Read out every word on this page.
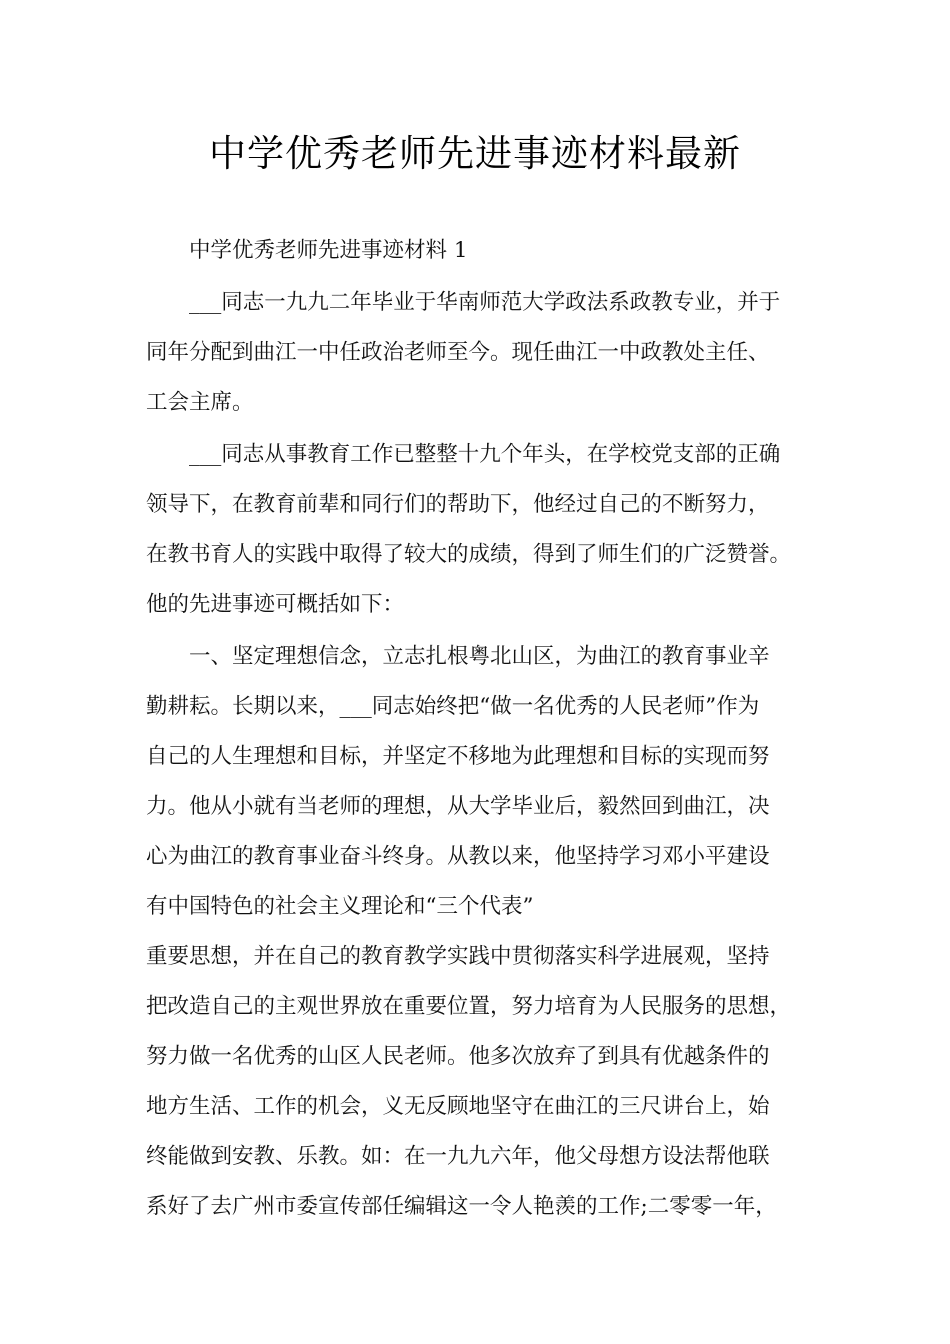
中学优秀老师先进事迹材料最新
中学优秀老师先进事迹材料 1
___同志一九九二年毕业于华南师范大学政法系政教专业，并于
同年分配到曲江一中任政治老师至今。现任曲江一中政教处主任、
工会主席。
___同志从事教育工作已整整十九个年头，在学校党支部的正确
领导下，在教育前辈和同行们的帮助下，他经过自己的不断努力，
在教书育人的实践中取得了较大的成绩，得到了师生们的广泛赞誉。
他的先进事迹可概括如下：
一、坚定理想信念，立志扎根粤北山区，为曲江的教育事业辛
勤耕耘。长期以来，___同志始终把“做一名优秀的人民老师”作为
自己的人生理想和目标，并坚定不移地为此理想和目标的实现而努
力。他从小就有当老师的理想，从大学毕业后，毅然回到曲江，决
心为曲江的教育事业奋斗终身。从教以来，他坚持学习邓小平建设
有中国特色的社会主义理论和“三个代表”
重要思想，并在自己的教育教学实践中贯彻落实科学进展观，坚持
把改造自己的主观世界放在重要位置，努力培育为人民服务的思想，
努力做一名优秀的山区人民老师。他多次放弃了到具有优越条件的
地方生活、工作的机会，义无反顾地坚守在曲江的三尺讲台上，始
终能做到安教、乐教。如：在一九九六年，他父母想方设法帮他联
系好了去广州市委宣传部任编辑这一令人艳羡的工作;二零零一年，
